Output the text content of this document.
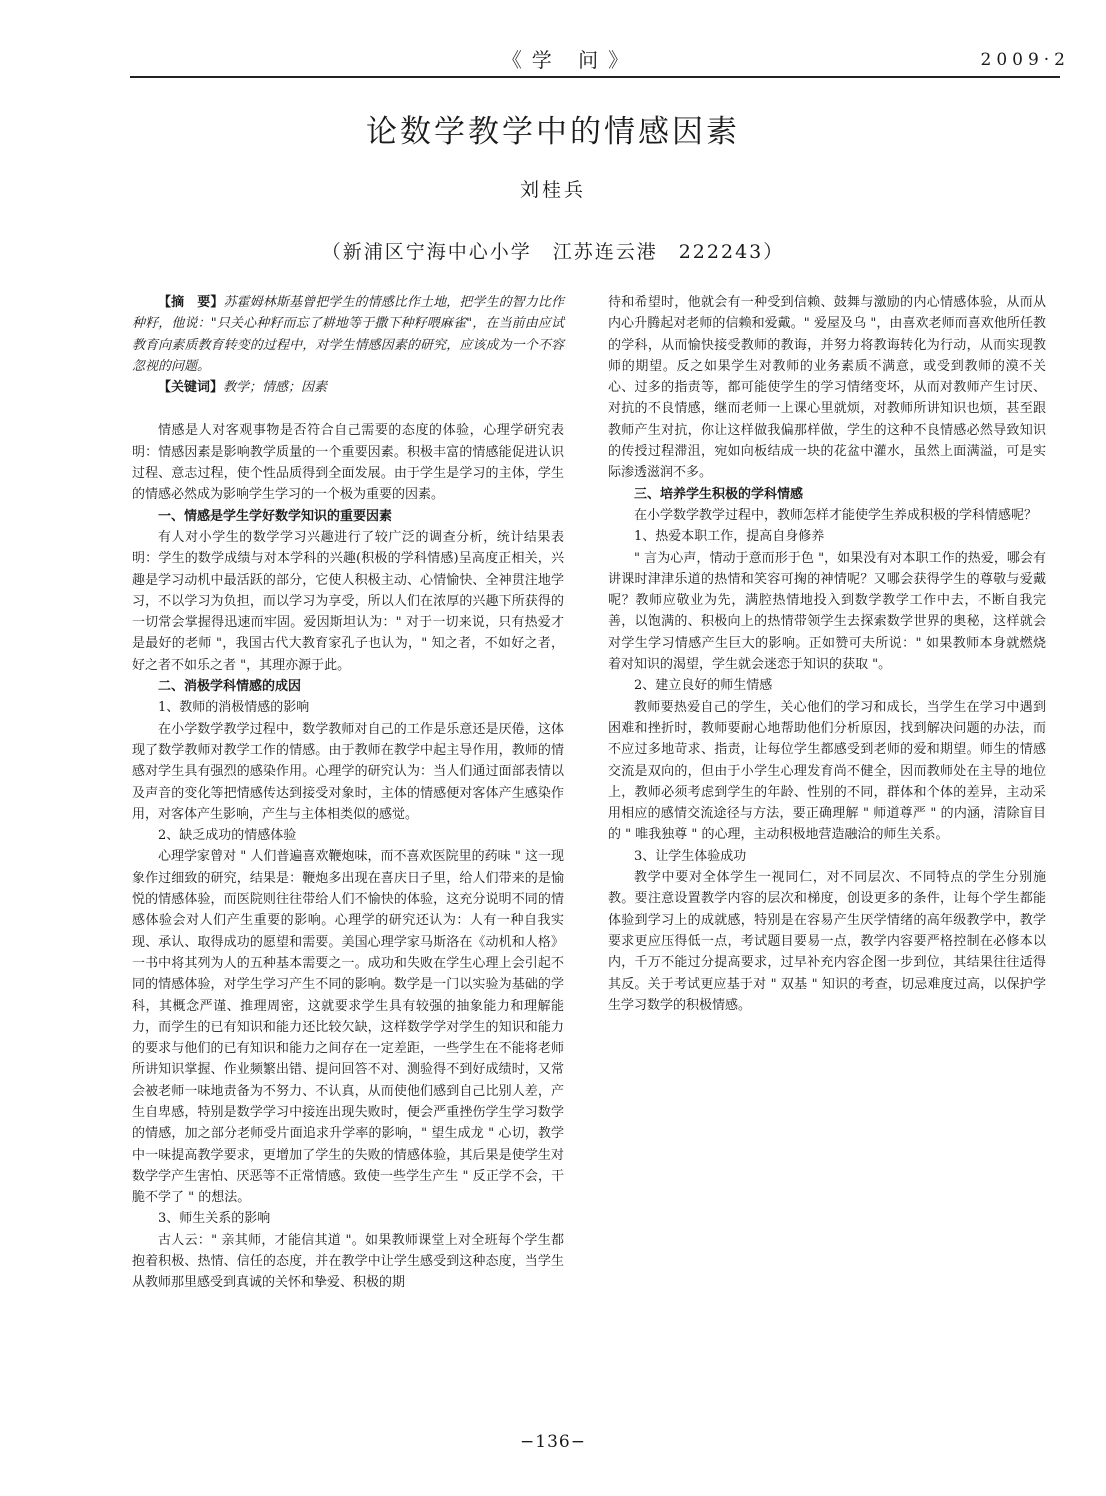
《学 问》	2009·2
论数学教学中的情感因素
刘桂兵
（新浦区宁海中心小学　江苏连云港　222243）

【摘　要】苏霍姆林斯基曾把学生的情感比作土地，把学生的智力比作种籽，他说："只关心种籽而忘了耕地等于撒下种籽喂麻雀"，在当前由应试教育向素质教育转变的过程中，对学生情感因素的研究，应该成为一个不容忽视的问题。

【关键词】教学；情感；因素

情感是人对客观事物是否符合自己需要的态度的体验，心理学研究表明：情感因素是影响教学质量的一个重要因素。积极丰富的情感能促进认识过程、意志过程，使个性品质得到全面发展。由于学生是学习的主体，学生的情感必然成为影响学生学习的一个极为重要的因素。

一、情感是学生学好数学知识的重要因素

有人对小学生的数学学习兴趣进行了较广泛的调查分析，统计结果表明：学生的数学成绩与对本学科的兴趣(积极的学科情感)呈高度正相关，兴趣是学习动机中最活跃的部分，它使人积极主动、心情愉快、全神贯注地学习，不以学习为负担，而以学习为享受，所以人们在浓厚的兴趣下所获得的一切常会掌握得迅速而牢固。爱因斯坦认为：" 对于一切来说，只有热爱才是最好的老师 "，我国古代大教育家孔子也认为，" 知之者，不如好之者，好之者不如乐之者 "，其理亦源于此。

二、消极学科情感的成因

1、教师的消极情感的影响

在小学数学教学过程中，数学教师对自己的工作是乐意还是厌倦，这体现了数学教师对教学工作的情感。由于教师在教学中起主导作用，教师的情感对学生具有强烈的感染作用。心理学的研究认为：当人们通过面部表情以及声音的变化等把情感传达到接受对象时，主体的情感便对客体产生感染作用，对客体产生影响，产生与主体相类似的感觉。

2、缺乏成功的情感体验

心理学家曾对 " 人们普遍喜欢鞭炮味，而不喜欢医院里的药味 " 这一现象作过细致的研究，结果是：鞭炮多出现在喜庆日子里，给人们带来的是愉悦的情感体验，而医院则往往带给人们不愉快的体验，这充分说明不同的情感体验会对人们产生重要的影响。心理学的研究还认为：人有一种自我实现、承认、取得成功的愿望和需要。美国心理学家马斯洛在《动机和人格》一书中将其列为人的五种基本需要之一。成功和失败在学生心理上会引起不同的情感体验，对学生学习产生不同的影响。数学是一门以实验为基础的学科，其概念严谨、推理周密，这就要求学生具有较强的抽象能力和理解能力，而学生的已有知识和能力还比较欠缺，这样数学学对学生的知识和能力的要求与他们的已有知识和能力之间存在一定差距，一些学生在不能将老师所讲知识掌握、作业频繁出错、提问回答不对、测验得不到好成绩时，又常会被老师一味地责备为不努力、不认真，从而使他们感到自己比别人差，产生自卑感，特别是数学学习中接连出现失败时，便会严重挫伤学生学习数学的情感，加之部分老师受片面追求升学率的影响，" 望生成龙 " 心切，教学中一味提高教学要求，更增加了学生的失败的情感体验，其后果是使学生对数学学产生害怕、厌恶等不正常情感。致使一些学生产生 " 反正学不会，干脆不学了 " 的想法。

3、师生关系的影响

古人云：" 亲其师，才能信其道 "。如果教师课堂上对全班每个学生都抱着积极、热情、信任的态度，并在教学中让学生感受到这种态度，当学生从教师那里感受到真诚的关怀和挚爱、积极的期

待和希望时，他就会有一种受到信赖、鼓舞与激励的内心情感体验，从而从内心升腾起对老师的信赖和爱戴。" 爱屋及乌 "，由喜欢老师而喜欢他所任教的学科，从而愉快接受教师的教诲，并努力将教诲转化为行动，从而实现教师的期望。反之如果学生对教师的业务素质不满意，或受到教师的漠不关心、过多的指责等，都可能使学生的学习情绪变坏，从而对教师产生讨厌、对抗的不良情感，继而老师一上课心里就烦，对教师所讲知识也烦，甚至跟教师产生对抗，你让这样做我偏那样做，学生的这种不良情感必然导致知识的传授过程滞沮，宛如向板结成一块的花盆中灌水，虽然上面满溢，可是实际渗透滋润不多。

三、培养学生积极的学科情感

在小学数学教学过程中，教师怎样才能使学生养成积极的学科情感呢？

1、热爱本职工作，提高自身修养

" 言为心声，情动于意而形于色 "，如果没有对本职工作的热爱，哪会有讲课时津津乐道的热情和笑容可掬的神情呢？又哪会获得学生的尊敬与爱戴呢？教师应敬业为先，满腔热情地投入到数学教学工作中去，不断自我完善，以饱满的、积极向上的热情带领学生去探索数学世界的奥秘，这样就会对学生学习情感产生巨大的影响。正如赞可夫所说：" 如果教师本身就燃烧着对知识的渴望，学生就会迷恋于知识的获取 "。

2、建立良好的师生情感

教师要热爱自己的学生，关心他们的学习和成长，当学生在学习中遇到困难和挫折时，教师要耐心地帮助他们分析原因，找到解决问题的办法，而不应过多地苛求、指责，让每位学生都感受到老师的爱和期望。师生的情感交流是双向的，但由于小学生心理发育尚不健全，因而教师处在主导的地位上，教师必须考虑到学生的年龄、性别的不同，群体和个体的差异，主动采用相应的感情交流途径与方法，要正确理解 " 师道尊严 " 的内涵，清除盲目的 " 唯我独尊 " 的心理，主动积极地营造融洽的师生关系。

3、让学生体验成功

教学中要对全体学生一视同仁，对不同层次、不同特点的学生分别施教。要注意设置教学内容的层次和梯度，创设更多的条件，让每个学生都能体验到学习上的成就感，特别是在容易产生厌学情绪的高年级教学中，教学要求更应压得低一点，考试题目要易一点，教学内容要严格控制在必修本以内，千万不能过分提高要求，过早补充内容企图一步到位，其结果往往适得其反。关于考试更应基于对 " 双基 " 知识的考查，切忌难度过高，以保护学生学习数学的积极情感。

−136−
